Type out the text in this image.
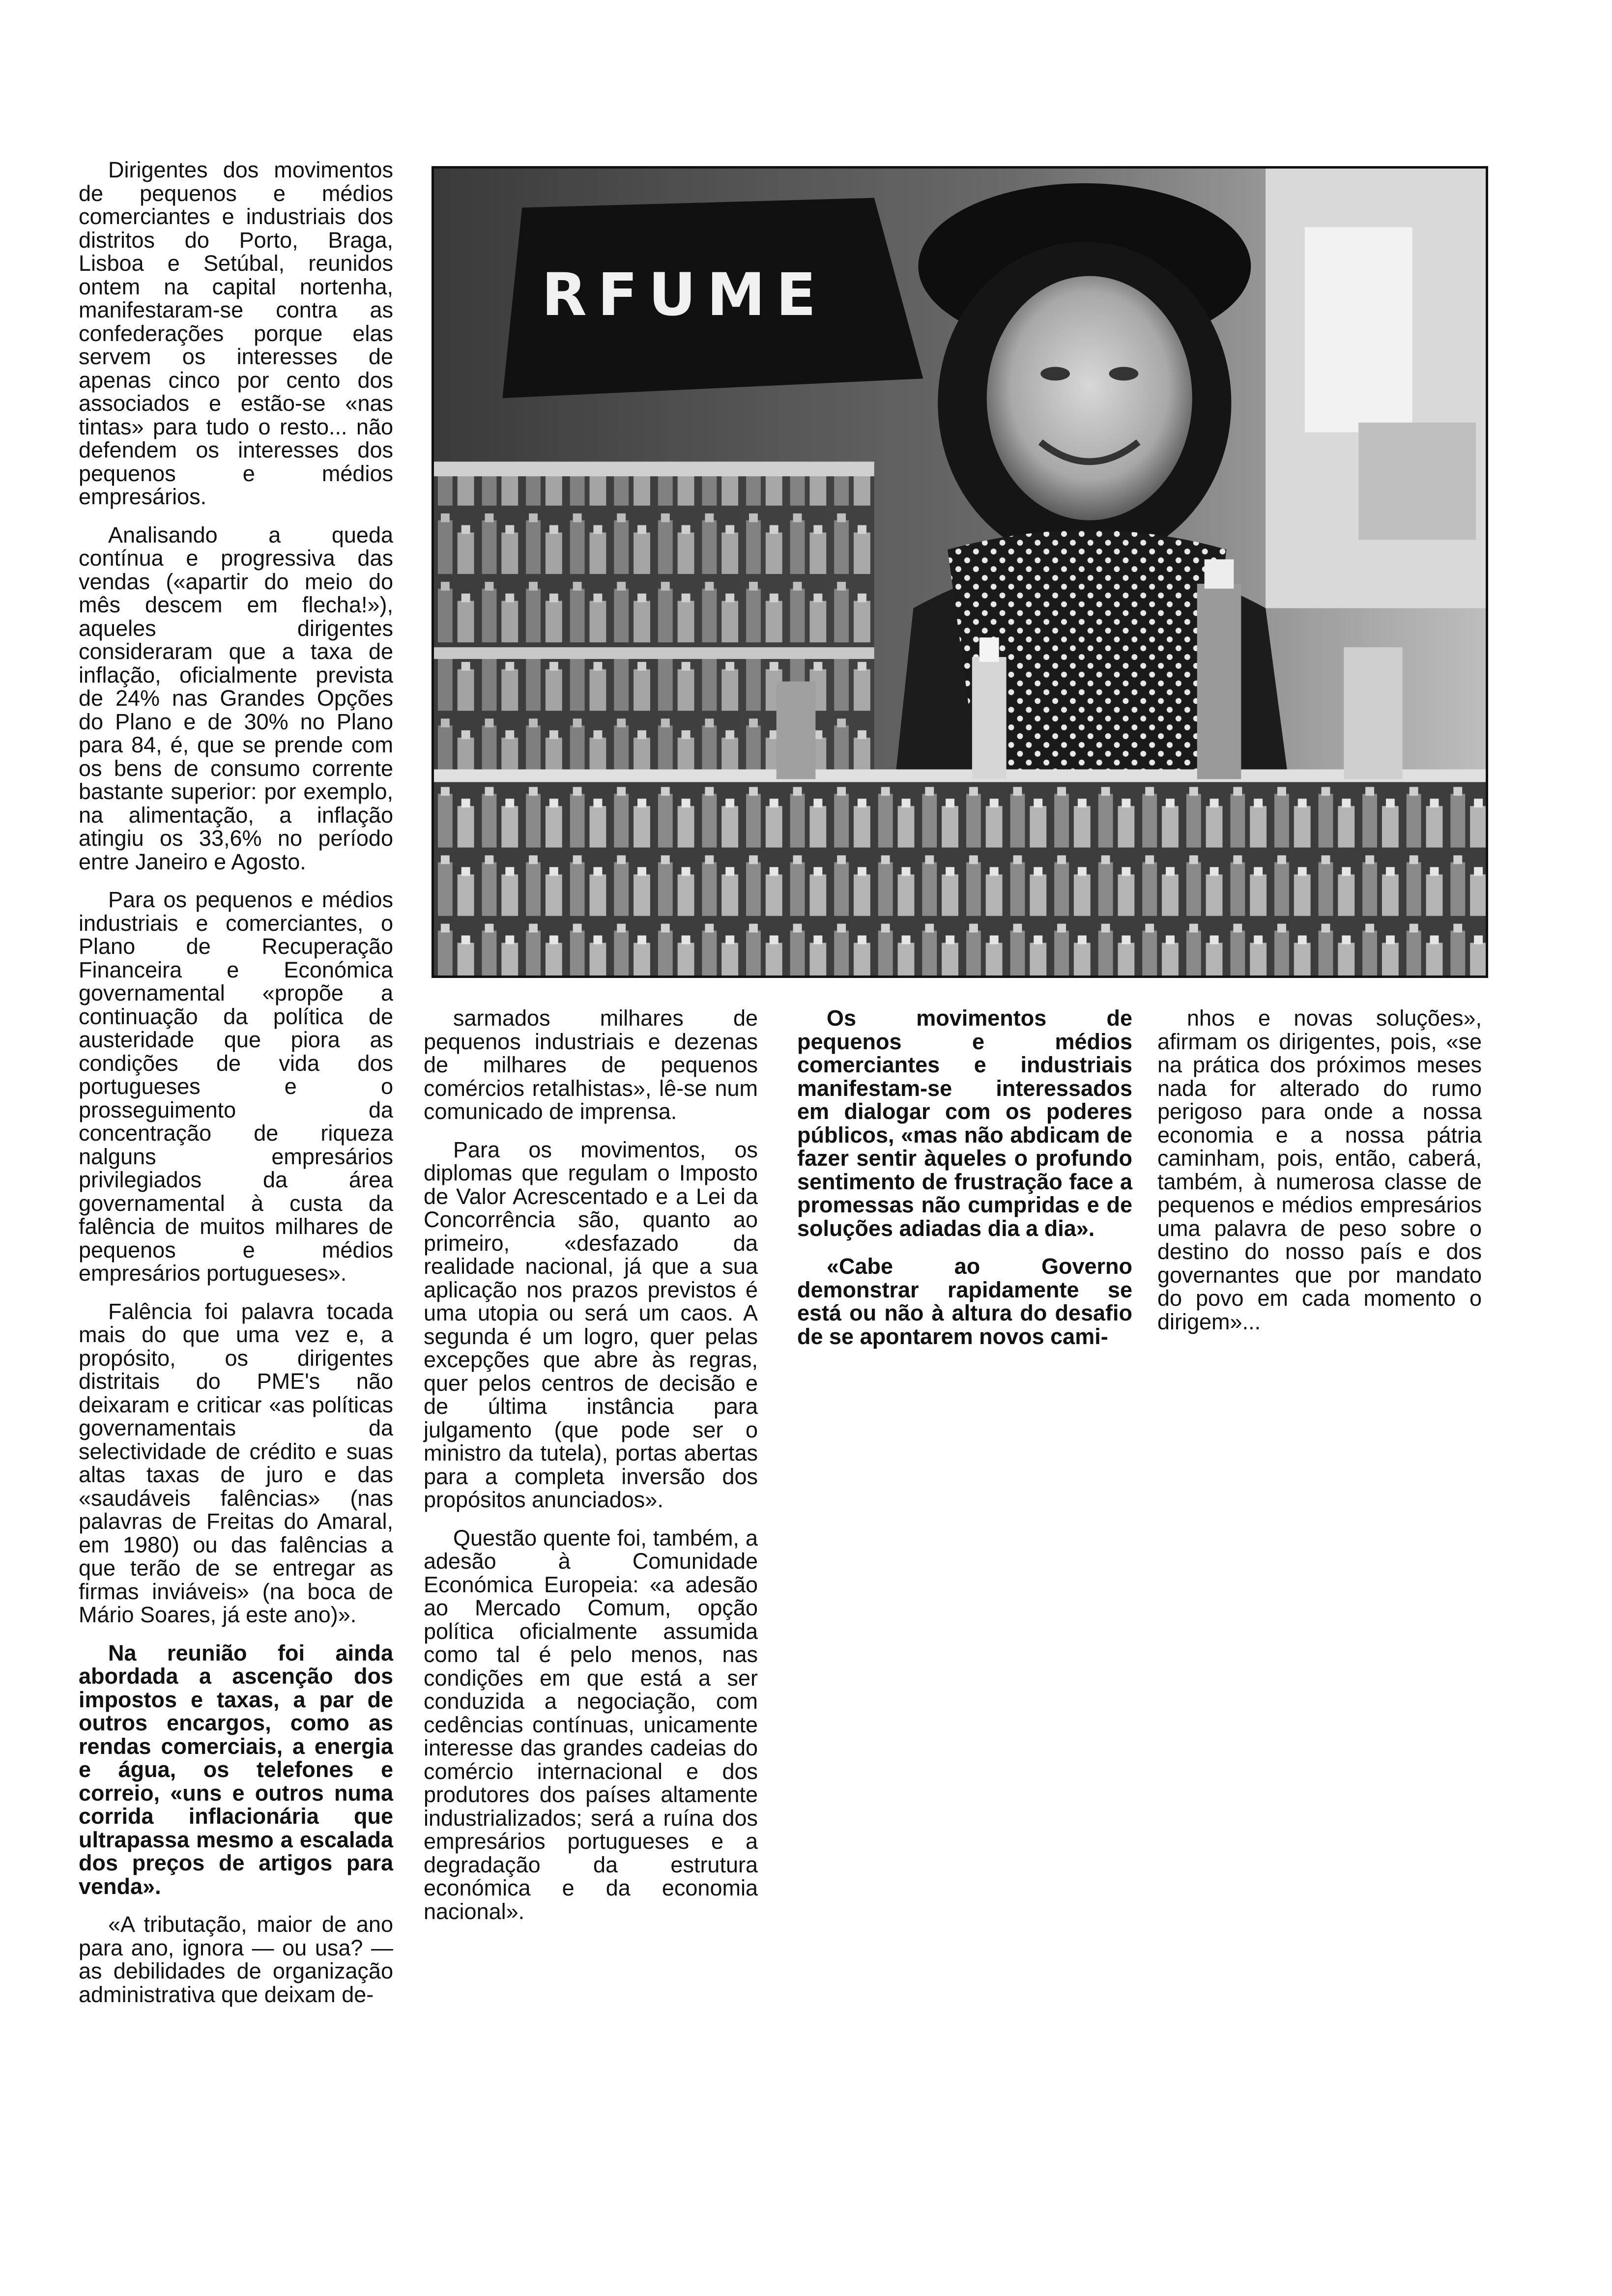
Dirigentes dos movimentos de pequenos e médios comerciantes e industriais dos distritos do Porto, Braga, Lisboa e Setúbal, reunidos ontem na capital nortenha, manifestaram-se contra as confederações porque elas servem os interesses de apenas cinco por cento dos associados e estão-se «nas tintas» para tudo o resto... não defendem os interesses dos pequenos e médios empresários.

Analisando a queda contínua e progressiva das vendas («apartir do meio do mês descem em flecha!»), aqueles dirigentes consideraram que a taxa de inflação, oficialmente prevista de 24% nas Grandes Opções do Plano e de 30% no Plano para 84, é, que se prende com os bens de consumo corrente bastante superior: por exemplo, na alimentação, a inflação atingiu os 33,6% no período entre Janeiro e Agosto.

Para os pequenos e médios industriais e comerciantes, o Plano de Recuperação Financeira e Económica governamental «propõe a continuação da política de austeridade que piora as condições de vida dos portugueses e o prosseguimento da concentração de riqueza nalguns empresários privilegiados da área governamental à custa da falência de muitos milhares de pequenos e médios empresários portugueses».

Falência foi palavra tocada mais do que uma vez e, a propósito, os dirigentes distritais do PME's não deixaram e criticar «as políticas governamentais da selectividade de crédito e suas altas taxas de juro e das «saudáveis falências» (nas palavras de Freitas do Amaral, em 1980) ou das falências a que terão de se entregar as firmas inviáveis» (na boca de Mário Soares, já este ano)».

Na reunião foi ainda abordada a ascenção dos impostos e taxas, a par de outros encargos, como as rendas comerciais, a energia e água, os telefones e correio, «uns e outros numa corrida inflacionária que ultrapassa mesmo a escalada dos preços de artigos para venda».

«A tributação, maior de ano para ano, ignora — ou usa? — as debilidades de organização administrativa que deixam de-

RFUME

sarmados milhares de pequenos industriais e dezenas de milhares de pequenos comércios retalhistas», lê-se num comunicado de imprensa.

Para os movimentos, os diplomas que regulam o Imposto de Valor Acrescentado e a Lei da Concorrência são, quanto ao primeiro, «desfazado da realidade nacional, já que a sua aplicação nos prazos previstos é uma utopia ou será um caos. A segunda é um logro, quer pelas excepções que abre às regras, quer pelos centros de decisão e de última instância para julgamento (que pode ser o ministro da tutela), portas abertas para a completa inversão dos propósitos anunciados».

Questão quente foi, também, a adesão à Comunidade Económica Europeia: «a adesão ao Mercado Comum, opção política oficialmente assumida como tal é pelo menos, nas condições em que está a ser conduzida a negociação, com cedências contínuas, unicamente interesse das grandes cadeias do comércio internacional e dos produtores dos países altamente industrializados; será a ruína dos empresários portugueses e a degradação da estrutura económica e da economia nacional».

Os movimentos de pequenos e médios comerciantes e industriais manifestam-se interessados em dialogar com os poderes públicos, «mas não abdicam de fazer sentir àqueles o profundo sentimento de frustração face a promessas não cumpridas e de soluções adiadas dia a dia».

«Cabe ao Governo demonstrar rapidamente se está ou não à altura do desafio de se apontarem novos cami-

nhos e novas soluções», afirmam os dirigentes, pois, «se na prática dos próximos meses nada for alterado do rumo perigoso para onde a nossa economia e a nossa pátria caminham, pois, então, caberá, também, à numerosa classe de pequenos e médios empresários uma palavra de peso sobre o destino do nosso país e dos governantes que por mandato do povo em cada momento o dirigem»...
